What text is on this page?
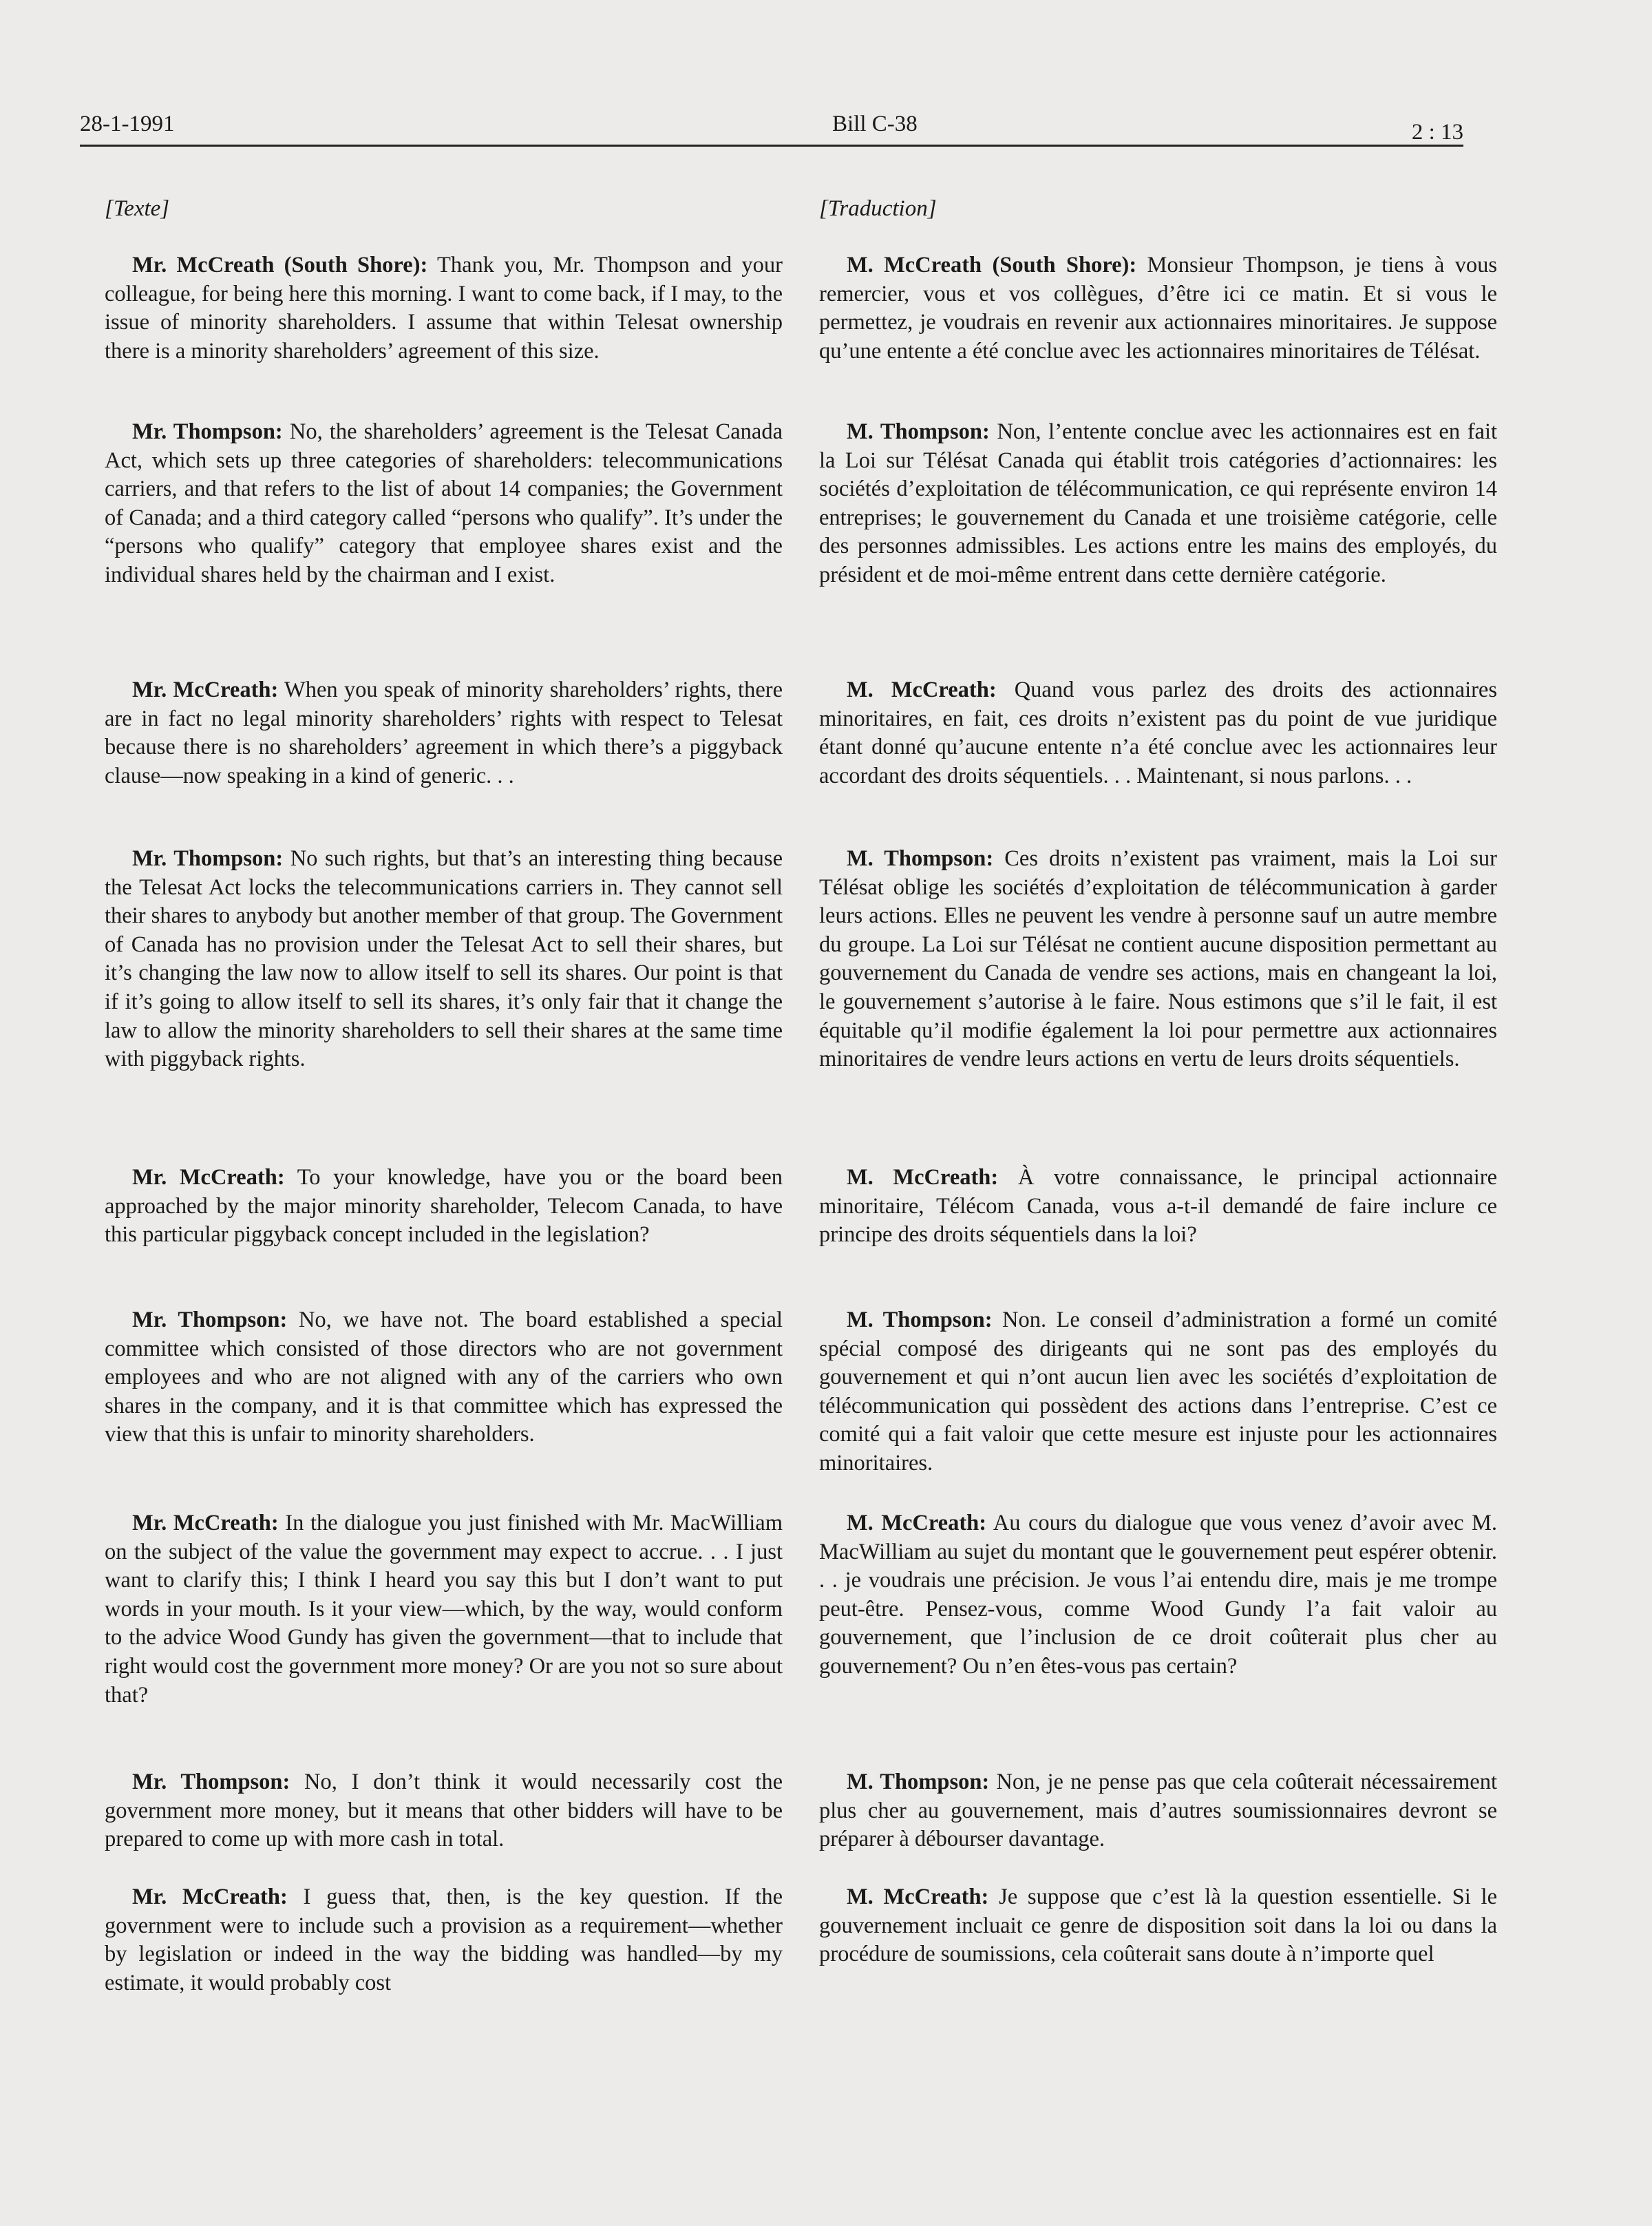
28-1-1991	Bill C-38	2 : 13
[Texte]

Mr. McCreath (South Shore): Thank you, Mr. Thompson and your colleague, for being here this morning. I want to come back, if I may, to the issue of minority shareholders. I assume that within Telesat ownership there is a minority shareholders’ agreement of this size.

Mr. Thompson: No, the shareholders’ agreement is the Telesat Canada Act, which sets up three categories of shareholders: telecommunications carriers, and that refers to the list of about 14 companies; the Government of Canada; and a third category called “persons who qualify”. It’s under the “persons who qualify” category that employee shares exist and the individual shares held by the chairman and I exist.

Mr. McCreath: When you speak of minority shareholders’ rights, there are in fact no legal minority shareholders’ rights with respect to Telesat because there is no shareholders’ agreement in which there’s a piggyback clause—now speaking in a kind of generic. . .

Mr. Thompson: No such rights, but that’s an interesting thing because the Telesat Act locks the telecommunications carriers in. They cannot sell their shares to anybody but another member of that group. The Government of Canada has no provision under the Telesat Act to sell their shares, but it’s changing the law now to allow itself to sell its shares. Our point is that if it’s going to allow itself to sell its shares, it’s only fair that it change the law to allow the minority shareholders to sell their shares at the same time with piggyback rights.

Mr. McCreath: To your knowledge, have you or the board been approached by the major minority shareholder, Telecom Canada, to have this particular piggyback concept included in the legislation?

Mr. Thompson: No, we have not. The board established a special committee which consisted of those directors who are not government employees and who are not aligned with any of the carriers who own shares in the company, and it is that committee which has expressed the view that this is unfair to minority shareholders.

Mr. McCreath: In the dialogue you just finished with Mr. MacWilliam on the subject of the value the government may expect to accrue. . . I just want to clarify this; I think I heard you say this but I don’t want to put words in your mouth. Is it your view—which, by the way, would conform to the advice Wood Gundy has given the government—that to include that right would cost the government more money? Or are you not so sure about that?

Mr. Thompson: No, I don’t think it would necessarily cost the government more money, but it means that other bidders will have to be prepared to come up with more cash in total.

Mr. McCreath: I guess that, then, is the key question. If the government were to include such a provision as a requirement—whether by legislation or indeed in the way the bidding was handled—by my estimate, it would probably cost

[Traduction]

M. McCreath (South Shore): Monsieur Thompson, je tiens à vous remercier, vous et vos collègues, d’être ici ce matin. Et si vous le permettez, je voudrais en revenir aux actionnaires minoritaires. Je suppose qu’une entente a été conclue avec les actionnaires minoritaires de Télésat.

M. Thompson: Non, l’entente conclue avec les actionnaires est en fait la Loi sur Télésat Canada qui établit trois catégories d’actionnaires: les sociétés d’exploitation de télécommunication, ce qui représente environ 14 entreprises; le gouvernement du Canada et une troisième catégorie, celle des personnes admissibles. Les actions entre les mains des employés, du président et de moi-même entrent dans cette dernière catégorie.

M. McCreath: Quand vous parlez des droits des actionnaires minoritaires, en fait, ces droits n’existent pas du point de vue juridique étant donné qu’aucune entente n’a été conclue avec les actionnaires leur accordant des droits séquentiels. . . Maintenant, si nous parlons. . .

M. Thompson: Ces droits n’existent pas vraiment, mais la Loi sur Télésat oblige les sociétés d’exploitation de télécommunication à garder leurs actions. Elles ne peuvent les vendre à personne sauf un autre membre du groupe. La Loi sur Télésat ne contient aucune disposition permettant au gouvernement du Canada de vendre ses actions, mais en changeant la loi, le gouvernement s’autorise à le faire. Nous estimons que s’il le fait, il est équitable qu’il modifie également la loi pour permettre aux actionnaires minoritaires de vendre leurs actions en vertu de leurs droits séquentiels.

M. McCreath: À votre connaissance, le principal actionnaire minoritaire, Télécom Canada, vous a-t-il demandé de faire inclure ce principe des droits séquentiels dans la loi?

M. Thompson: Non. Le conseil d’administration a formé un comité spécial composé des dirigeants qui ne sont pas des employés du gouvernement et qui n’ont aucun lien avec les sociétés d’exploitation de télécommunication qui possèdent des actions dans l’entreprise. C’est ce comité qui a fait valoir que cette mesure est injuste pour les actionnaires minoritaires.

M. McCreath: Au cours du dialogue que vous venez d’avoir avec M. MacWilliam au sujet du montant que le gouvernement peut espérer obtenir. . . je voudrais une précision. Je vous l’ai entendu dire, mais je me trompe peut-être. Pensez-vous, comme Wood Gundy l’a fait valoir au gouvernement, que l’inclusion de ce droit coûterait plus cher au gouvernement? Ou n’en êtes-vous pas certain?

M. Thompson: Non, je ne pense pas que cela coûterait nécessairement plus cher au gouvernement, mais d’autres soumissionnaires devront se préparer à débourser davantage.

M. McCreath: Je suppose que c’est là la question essentielle. Si le gouvernement incluait ce genre de disposition soit dans la loi ou dans la procédure de soumissions, cela coûterait sans doute à n’importe quel
